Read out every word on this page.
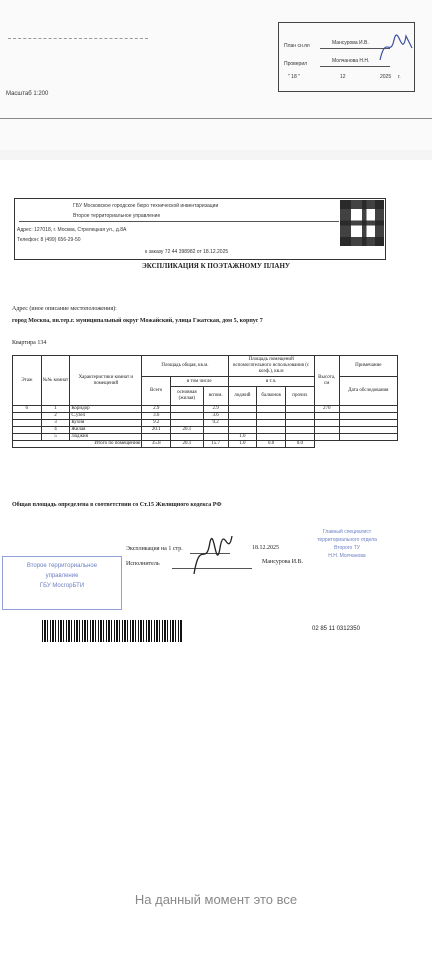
План сн.ял	Мансурова И.В.
Проверил	Молчанова Н.Н.
" 18 "	12	2025 г.
Масштаб 1:200
ГБУ Московское городское бюро технической инвентаризации
Второе территориальное управление
Адрес: 127018, г. Москва, Стрелецкая ул., д.8А
Телефон: 8 (499) 656-29-50
к заказу 72 44 398982 от 18.12.2025
ЭКСПЛИКАЦИЯ К ПОЭТАЖНОМУ ПЛАНУ
Адрес (иное описание местоположения):
город Москва, вн.тер.г. муниципальный округ Можайский, улица Гжатская, дом 5, корпус 7
Квартира 134
Этаж	№№ комнат	Характеристики комнат и помещений	Площадь общая, кв.м.			Площадь помещений вспомогательного использования (с коэф.), кв.м			Высота, см	Примечание
			Всего	в том числе		в т.ч.				Дата обследования
				основная (жилая)	вспом.	лоджий	балконов	прочих		
6	1	Коридор	2.9		2.9				270	
	2	С.узел	3.6		3.6					
	3	Кухня	9.2		9.2					
	4	Жилая	20.1	20.1						
	5	Лоджия				1.0				
Итого по помещению			35.8	20.1	15.7	1.0	0.0	0.0		
Общая площадь определена в соответствии со Ст.15 Жилищного кодекса РФ
Экспликация на 1 стр.	18.12.2025
Исполнитель	Мансурова И.В.
Второе территориальное
управление
ГБУ МосгорБТИ
Главный специалист
территориального отдела
Второго ТУ
Н.Н. Молчанова
02 85 11 0312350
На данный момент это все
